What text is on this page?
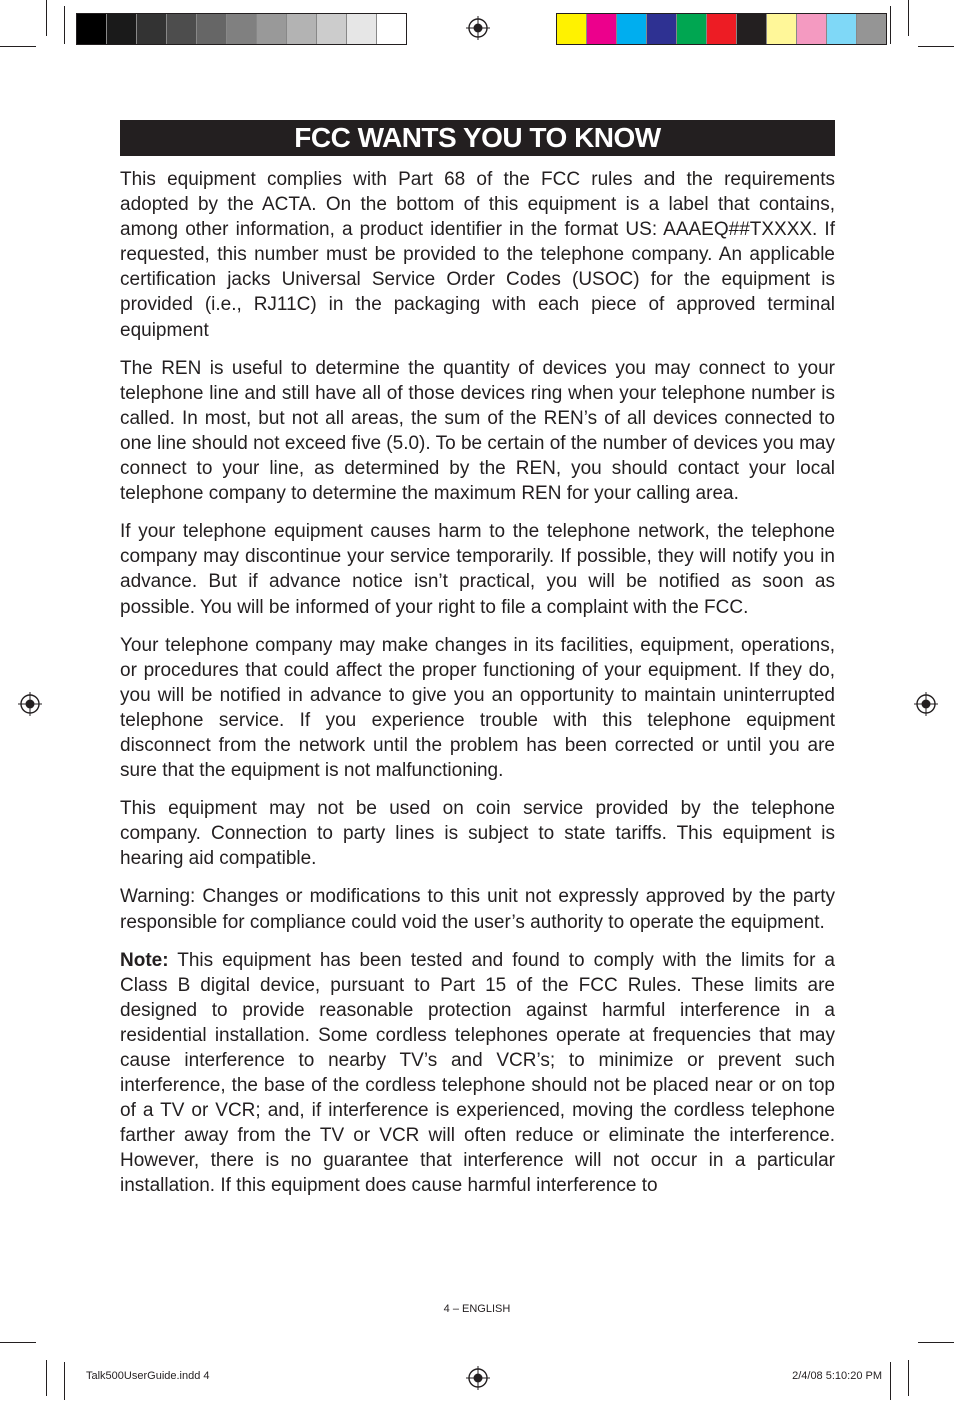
FCC WANTS YOU TO KNOW

This equipment complies with Part 68 of the FCC rules and the requirements adopted by the ACTA. On the bottom of this equipment is a label that contains, among other information, a product identifier in the format US: AAAEQ##TXXXX. If requested, this number must be provided to the telephone company. An applicable certification jacks Universal Service Order Codes (USOC) for the equipment is provided (i.e., RJ11C) in the packaging with each piece of approved terminal equipment

The REN is useful to determine the quantity of devices you may connect to your telephone line and still have all of those devices ring when your telephone number is called. In most, but not all areas, the sum of the REN’s of all devices connected to one line should not exceed five (5.0). To be certain of the number of devices you may connect to your line, as determined by the REN, you should contact your local telephone company to determine the maximum REN for your calling area.

If your telephone equipment causes harm to the telephone network, the telephone company may discontinue your service temporarily. If possible, they will notify you in advance. But if advance notice isn’t practical, you will be notified as soon as possible. You will be informed of your right to file a complaint with the FCC.

Your telephone company may make changes in its facilities, equipment, operations, or procedures that could affect the proper functioning of your equipment. If they do, you will be notified in advance to give you an opportunity to maintain uninterrupted telephone service. If you experience trouble with this telephone equipment disconnect from the network until the problem has been corrected or until you are sure that the equipment is not malfunctioning.

This equipment may not be used on coin service provided by the telephone company. Connection to party lines is subject to state tariffs. This equipment is hearing aid compatible.

Warning: Changes or modifications to this unit not expressly approved by the party responsible for compliance could void the user’s authority to operate the equipment.

Note: This equipment has been tested and found to comply with the limits for a Class B digital device, pursuant to Part 15 of the FCC Rules. These limits are designed to provide reasonable protection against harmful interference in a residential installation. Some cordless telephones operate at frequencies that may cause interference to nearby TV’s and VCR’s; to minimize or prevent such interference, the base of the cordless telephone should not be placed near or on top of a TV or VCR; and, if interference is experienced, moving the cordless telephone farther away from the TV or VCR will often reduce or eliminate the interference. However, there is no guarantee that interference will not occur in a particular installation. If this equipment does cause harmful interference to

4 – ENGLISH
Talk500UserGuide.indd 4	2/4/08 5:10:20 PM
